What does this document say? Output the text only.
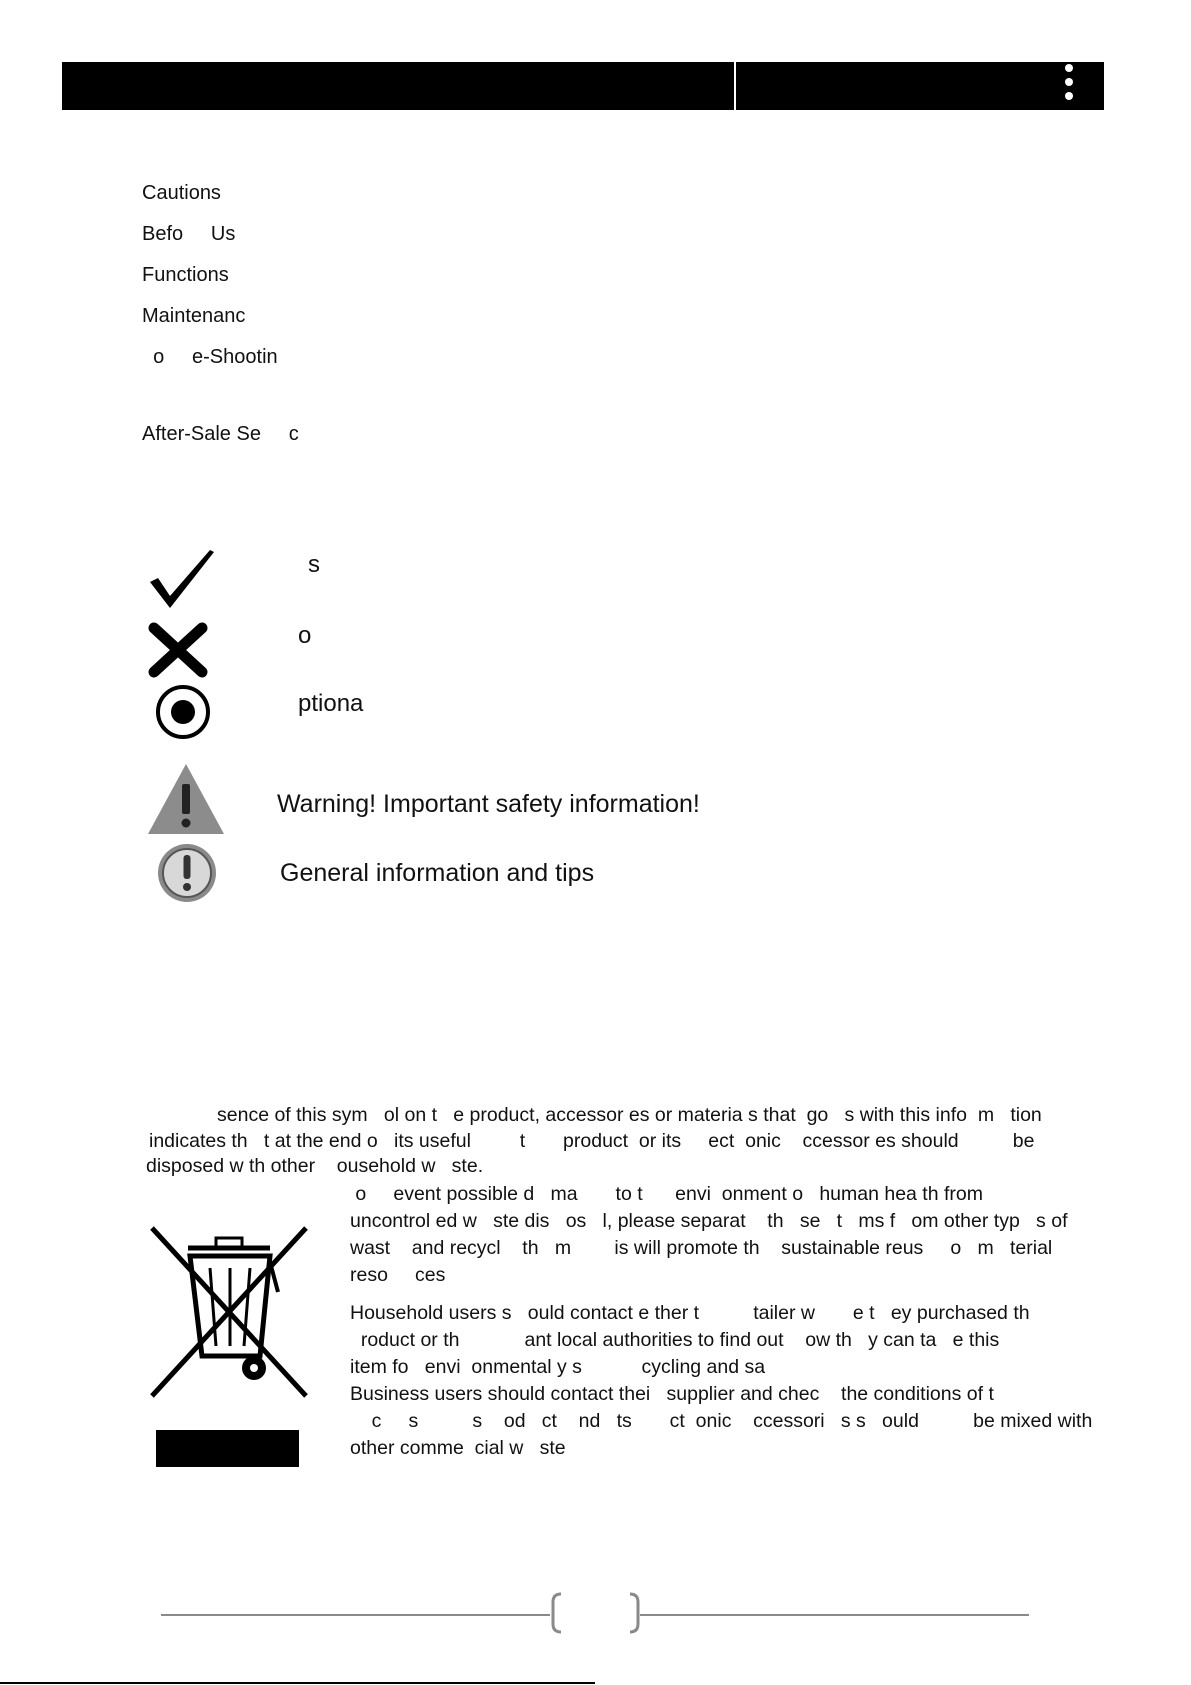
Cautions
Befo     Us
Functions
Maintenanc
o     e-Shootin
After-Sale Se     c
s
o
ptiona
Warning! Important safety information!
General information and tips
sence of this sym   ol on t   e product, accessor es or materia s that  go   s with this info  m   tion
indicates th   t at the end o   its useful         t       product  or its     ect  onic    ccessor es should          be
disposed w th other    ousehold w   ste.
o     event possible d   ma       to t      envi  onment o   human hea th from
uncontrol ed w   ste dis   os   l, please separat    th   se   t   ms f   om other typ   s of
wast    and recycl    th   m        is will promote th    sustainable reus     o   m   terial
reso     ces
Household users s   ould contact e ther t          tailer w       e t   ey purchased th
roduct or th            ant local authorities to find out    ow th   y can ta   e this
item fo   envi  onmental y s           cycling and sa
Business users should contact thei   supplier and chec    the conditions of t
c     s          s    od   ct    nd   ts       ct  onic    ccessori   s s   ould          be mixed with
other comme  cial w   ste
